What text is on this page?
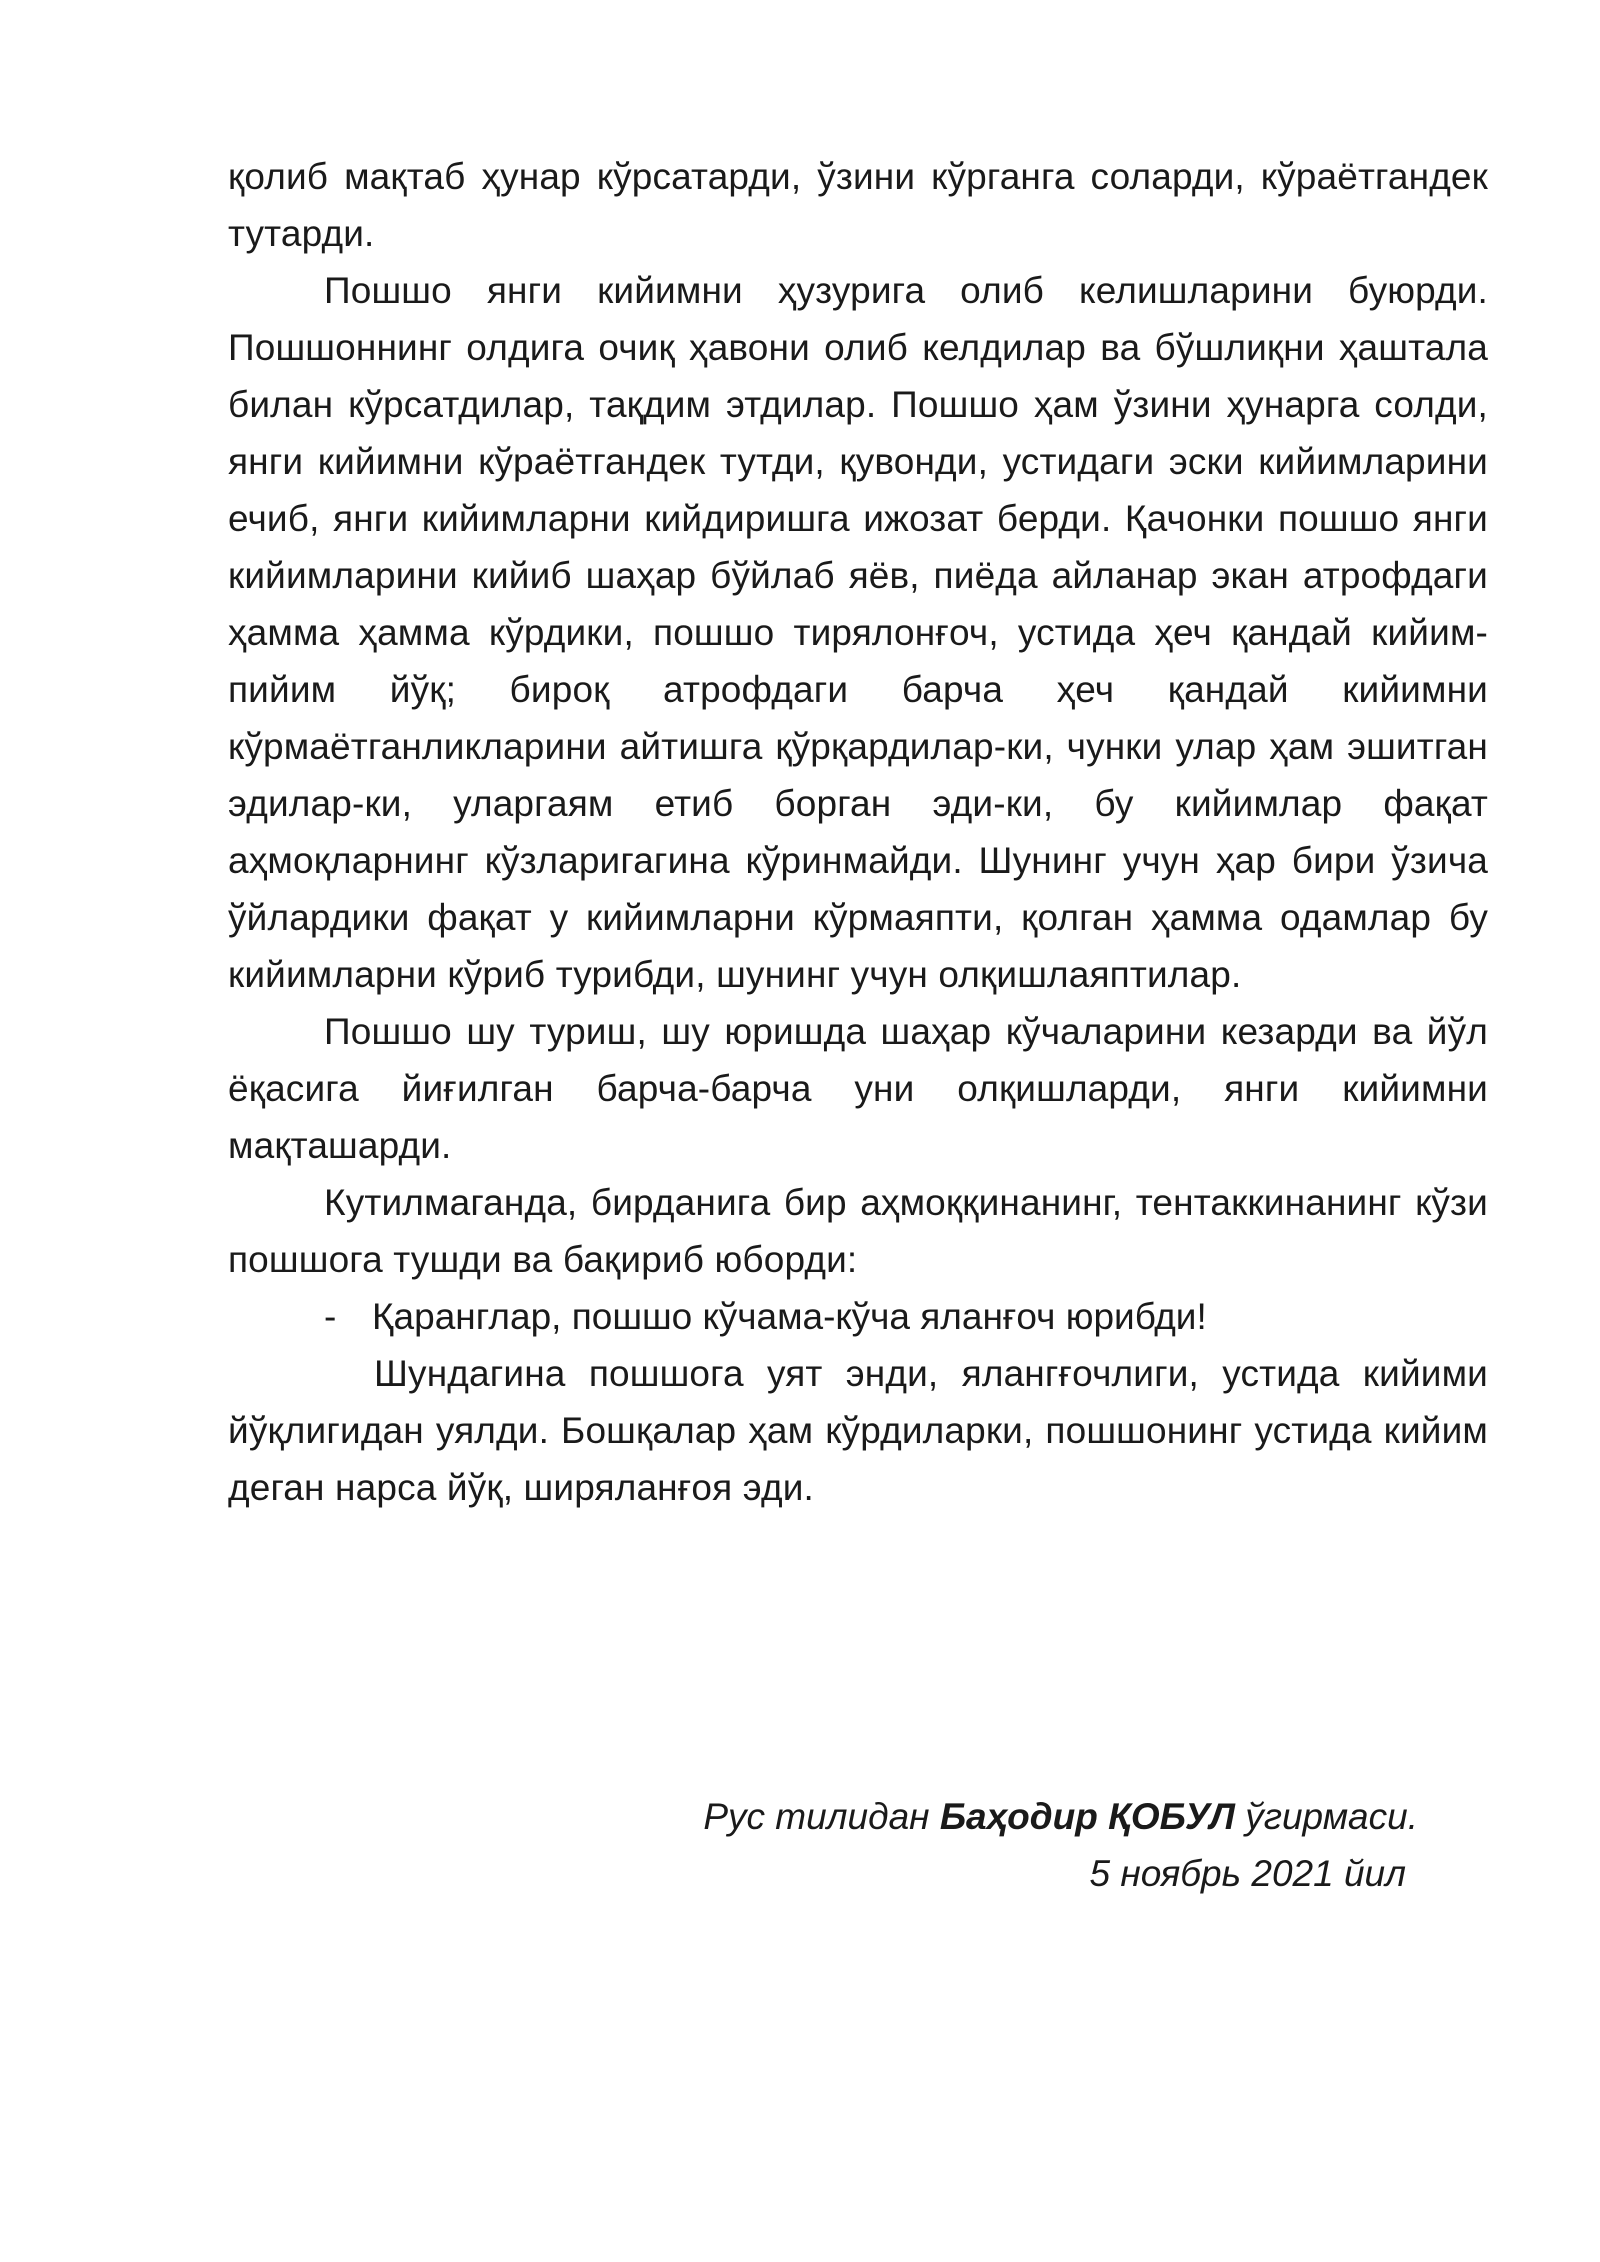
қолиб мақтаб ҳунар кўрсатарди, ўзини кўрганга соларди, кўраётгандек тутарди.

Пошшо янги кийимни ҳузурига олиб келишларини буюрди. Пошшоннинг олдига очиқ ҳавони олиб келдилар ва бўшлиқни ҳаштала билан кўрсатдилар, тақдим этдилар. Пошшо ҳам ўзини ҳунарга солди, янги кийимни кўраётгандек тутди, қувонди, устидаги эски кийимларини ечиб, янги кийимларни кийдиришга ижозат берди. Қачонки пошшо янги кийимларини кийиб шаҳар бўйлаб яёв, пиёда айланар экан атрофдаги ҳамма ҳамма кўрдики, пошшо тирялонғоч, устида ҳеч қандай кийим-пийим йўқ; бироқ атрофдаги барча ҳеч қандай кийимни кўрмаётганликларини айтишга қўрқардилар-ки, чунки улар ҳам эшитган эдилар-ки, уларгаям етиб борган эди-ки, бу кийимлар фақат аҳмоқларнинг кўзларигагина кўринмайди. Шунинг учун ҳар бири ўзича ўйлардики фақат у кийимларни кўрмаяпти, қолган ҳамма одамлар бу кийимларни кўриб турибди, шунинг учун олқишлаяптилар.

Пошшо шу туриш, шу юришда шаҳар кўчаларини кезарди ва йўл ёқасига йиғилган барча-барча уни олқишларди, янги кийимни мақташарди.

Кутилмаганда, бирданига бир аҳмоққинанинг, тентаккинанинг кўзи пошшога тушди ва бақириб юборди:

- Қаранглар, пошшо кўчама-кўча яланғоч юрибди!

Шундагина пошшога уят энди, ялангғочлиги, устида кийими йўқлигидан уялди. Бошқалар ҳам кўрдиларки, пошшонинг устида кийим деган нарса йўқ, ширяланғоя эди.

Рус тилидан Баҳодир ҚОБУЛ ўгирмаси.
5 ноябрь 2021 йил
